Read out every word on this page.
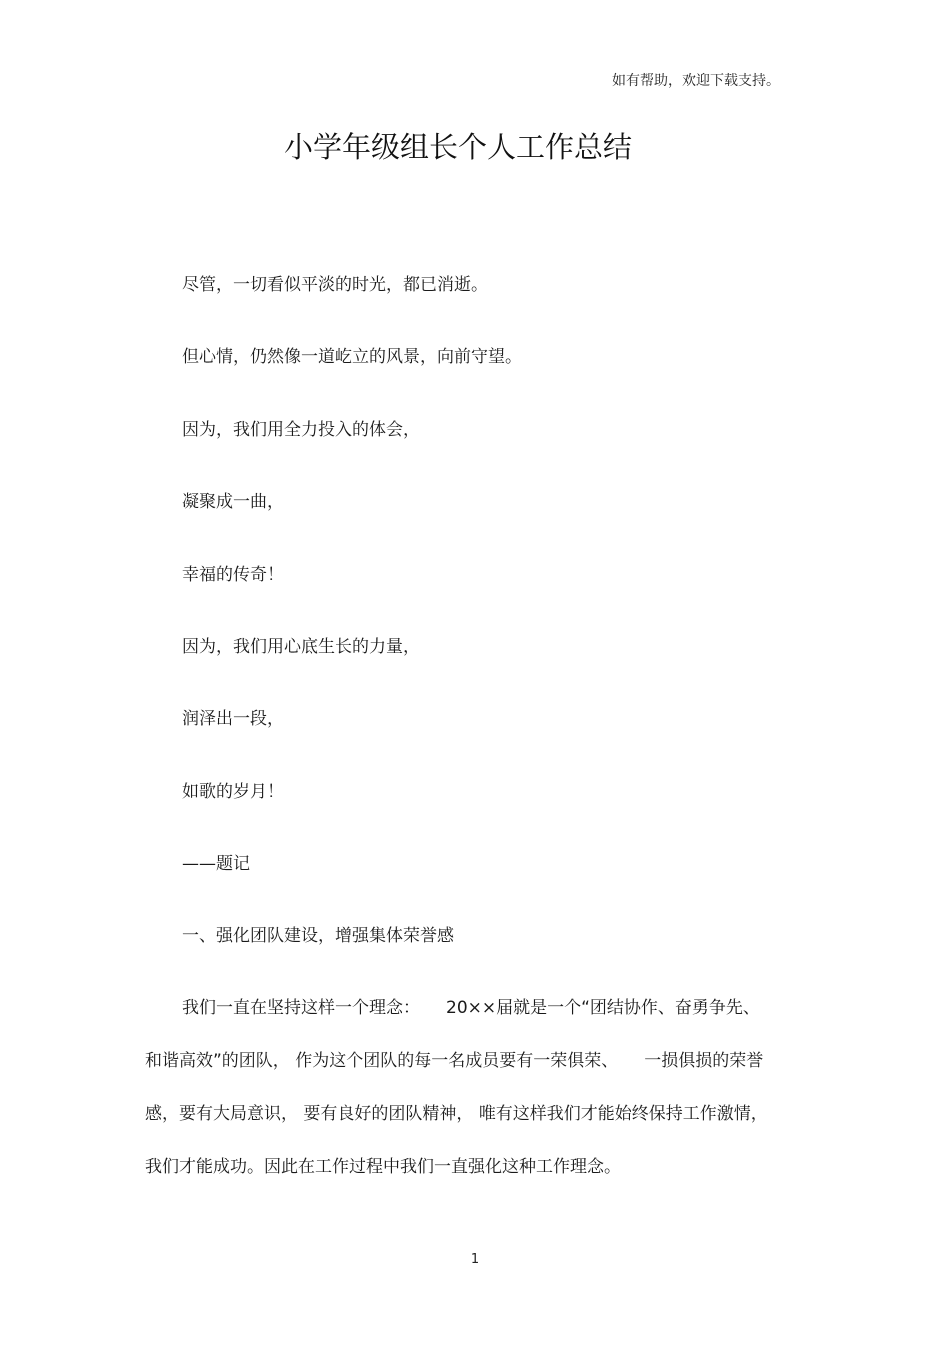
如有帮助，欢迎下载支持。
小学年级组长个人工作总结
尽管，一切看似平淡的时光，都已消逝。
但心情，仍然像一道屹立的风景，向前守望。
因为，我们用全力投入的体会，
凝聚成一曲，
幸福的传奇！
因为，我们用心底生长的力量，
润泽出一段，
如歌的岁月！
——题记
一、强化团队建设，增强集体荣誉感
我们一直在坚持这样一个理念： 20××届就是一个“团结协作、奋勇争先、
和谐高效”的团队， 作为这个团队的每一名成员要有一荣俱荣、 一损俱损的荣誉
感，要有大局意识， 要有良好的团队精神， 唯有这样我们才能始终保持工作激情，
我们才能成功。因此在工作过程中我们一直强化这种工作理念。
1
